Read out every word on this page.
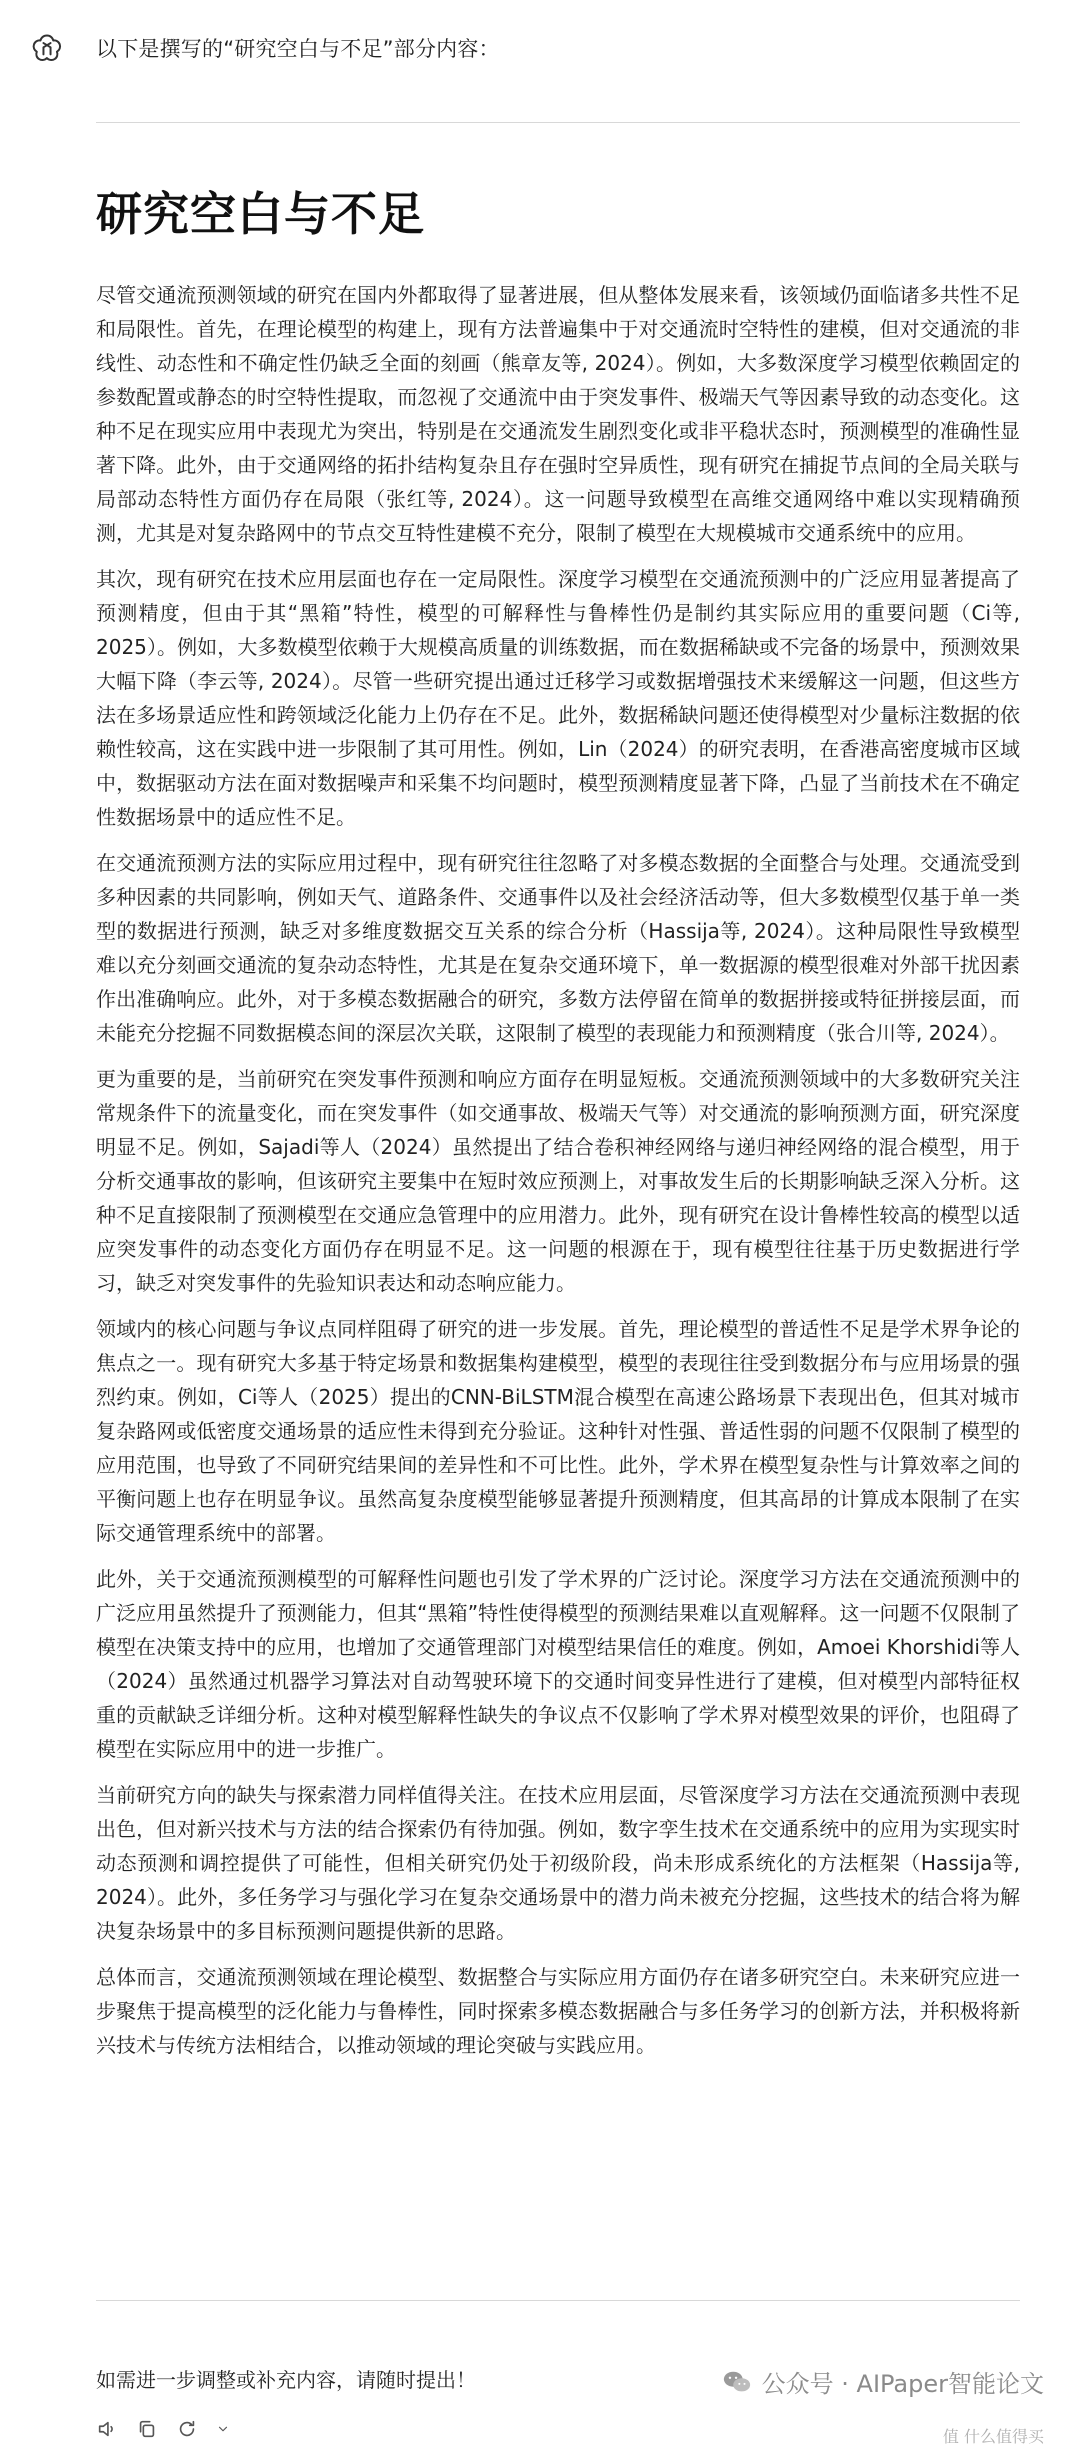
以下是撰写的“研究空白与不足”部分内容：
研究空白与不足

尽管交通流预测领域的研究在国内外都取得了显著进展，但从整体发展来看，该领域仍面临诸多共性不足和局限性。首先，在理论模型的构建上，现有方法普遍集中于对交通流时空特性的建模，但对交通流的非线性、动态性和不确定性仍缺乏全面的刻画（熊章友等, 2024）。例如，大多数深度学习模型依赖固定的参数配置或静态的时空特性提取，而忽视了交通流中由于突发事件、极端天气等因素导致的动态变化。这种不足在现实应用中表现尤为突出，特别是在交通流发生剧烈变化或非平稳状态时，预测模型的准确性显著下降。此外，由于交通网络的拓扑结构复杂且存在强时空异质性，现有研究在捕捉节点间的全局关联与局部动态特性方面仍存在局限（张红等, 2024）。这一问题导致模型在高维交通网络中难以实现精确预测，尤其是对复杂路网中的节点交互特性建模不充分，限制了模型在大规模城市交通系统中的应用。

其次，现有研究在技术应用层面也存在一定局限性。深度学习模型在交通流预测中的广泛应用显著提高了预测精度，但由于其“黑箱”特性，模型的可解释性与鲁棒性仍是制约其实际应用的重要问题（Ci等, 2025）。例如，大多数模型依赖于大规模高质量的训练数据，而在数据稀缺或不完备的场景中，预测效果大幅下降（李云等, 2024）。尽管一些研究提出通过迁移学习或数据增强技术来缓解这一问题，但这些方法在多场景适应性和跨领域泛化能力上仍存在不足。此外，数据稀缺问题还使得模型对少量标注数据的依赖性较高，这在实践中进一步限制了其可用性。例如，Lin（2024）的研究表明，在香港高密度城市区域中，数据驱动方法在面对数据噪声和采集不均问题时，模型预测精度显著下降，凸显了当前技术在不确定性数据场景中的适应性不足。

在交通流预测方法的实际应用过程中，现有研究往往忽略了对多模态数据的全面整合与处理。交通流受到多种因素的共同影响，例如天气、道路条件、交通事件以及社会经济活动等，但大多数模型仅基于单一类型的数据进行预测，缺乏对多维度数据交互关系的综合分析（Hassija等, 2024）。这种局限性导致模型难以充分刻画交通流的复杂动态特性，尤其是在复杂交通环境下，单一数据源的模型很难对外部干扰因素作出准确响应。此外，对于多模态数据融合的研究，多数方法停留在简单的数据拼接或特征拼接层面，而未能充分挖掘不同数据模态间的深层次关联，这限制了模型的表现能力和预测精度（张合川等, 2024）。

更为重要的是，当前研究在突发事件预测和响应方面存在明显短板。交通流预测领域中的大多数研究关注常规条件下的流量变化，而在突发事件（如交通事故、极端天气等）对交通流的影响预测方面，研究深度明显不足。例如，Sajadi等人（2024）虽然提出了结合卷积神经网络与递归神经网络的混合模型，用于分析交通事故的影响，但该研究主要集中在短时效应预测上，对事故发生后的长期影响缺乏深入分析。这种不足直接限制了预测模型在交通应急管理中的应用潜力。此外，现有研究在设计鲁棒性较高的模型以适应突发事件的动态变化方面仍存在明显不足。这一问题的根源在于，现有模型往往基于历史数据进行学习，缺乏对突发事件的先验知识表达和动态响应能力。

领域内的核心问题与争议点同样阻碍了研究的进一步发展。首先，理论模型的普适性不足是学术界争论的焦点之一。现有研究大多基于特定场景和数据集构建模型，模型的表现往往受到数据分布与应用场景的强烈约束。例如，Ci等人（2025）提出的CNN-BiLSTM混合模型在高速公路场景下表现出色，但其对城市复杂路网或低密度交通场景的适应性未得到充分验证。这种针对性强、普适性弱的问题不仅限制了模型的应用范围，也导致了不同研究结果间的差异性和不可比性。此外，学术界在模型复杂性与计算效率之间的平衡问题上也存在明显争议。虽然高复杂度模型能够显著提升预测精度，但其高昂的计算成本限制了在实际交通管理系统中的部署。

此外，关于交通流预测模型的可解释性问题也引发了学术界的广泛讨论。深度学习方法在交通流预测中的广泛应用虽然提升了预测能力，但其“黑箱”特性使得模型的预测结果难以直观解释。这一问题不仅限制了模型在决策支持中的应用，也增加了交通管理部门对模型结果信任的难度。例如，Amoei Khorshidi等人（2024）虽然通过机器学习算法对自动驾驶环境下的交通时间变异性进行了建模，但对模型内部特征权重的贡献缺乏详细分析。这种对模型解释性缺失的争议点不仅影响了学术界对模型效果的评价，也阻碍了模型在实际应用中的进一步推广。

当前研究方向的缺失与探索潜力同样值得关注。在技术应用层面，尽管深度学习方法在交通流预测中表现出色，但对新兴技术与方法的结合探索仍有待加强。例如，数字孪生技术在交通系统中的应用为实现实时动态预测和调控提供了可能性，但相关研究仍处于初级阶段，尚未形成系统化的方法框架（Hassija等, 2024）。此外，多任务学习与强化学习在复杂交通场景中的潜力尚未被充分挖掘，这些技术的结合将为解决复杂场景中的多目标预测问题提供新的思路。

总体而言，交通流预测领域在理论模型、数据整合与实际应用方面仍存在诸多研究空白。未来研究应进一步聚焦于提高模型的泛化能力与鲁棒性，同时探索多模态数据融合与多任务学习的创新方法，并积极将新兴技术与传统方法相结合，以推动领域的理论突破与实践应用。

如需进一步调整或补充内容，请随时提出！	公众号 · AIPaper智能论文
值 什么值得买
